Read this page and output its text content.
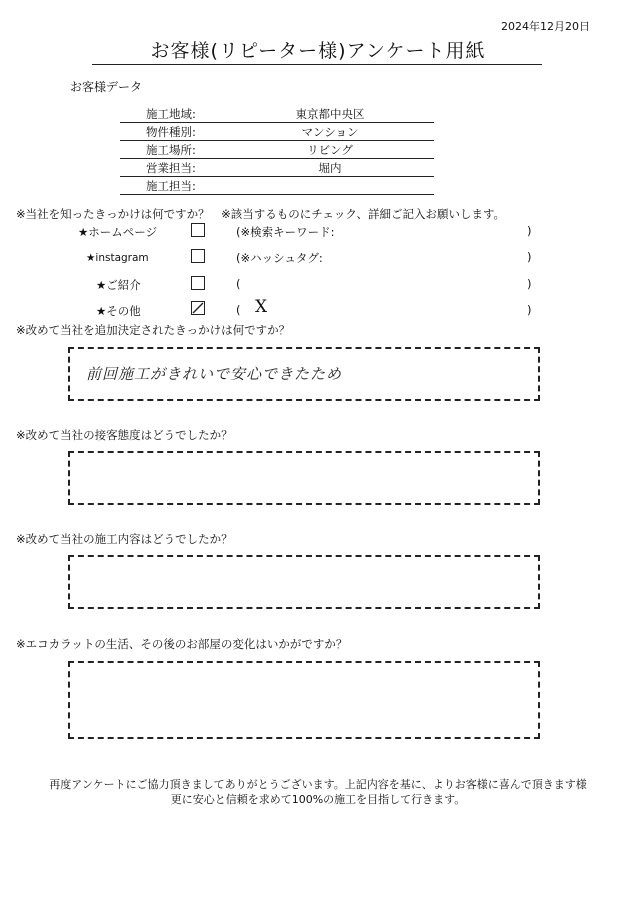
2024年12月20日
お客様(リピーター様)アンケート用紙
お客様データ
施工地域:	東京都中央区
物件種別:	マンション
施工場所:	リビング
営業担当:	堀内
施工担当:
※当社を知ったきっかけは何ですか？　※該当するものにチェック、詳細ご記入お願いします。
★ホームページ	(※検索キーワード:	)
★instagram	(※ハッシュタグ:	)
★ご紹介	(	)
★その他	( X	)
※改めて当社を追加決定されたきっかけは何ですか？
前回施工がきれいで安心できたため
※改めて当社の接客態度はどうでしたか？
※改めて当社の施工内容はどうでしたか？
※エコカラットの生活、その後のお部屋の変化はいかがですか？
再度アンケートにご協力頂きましてありがとうございます。上記内容を基に、よりお客様に喜んで頂きます様
更に安心と信頼を求めて100%の施工を目指して行きます。
